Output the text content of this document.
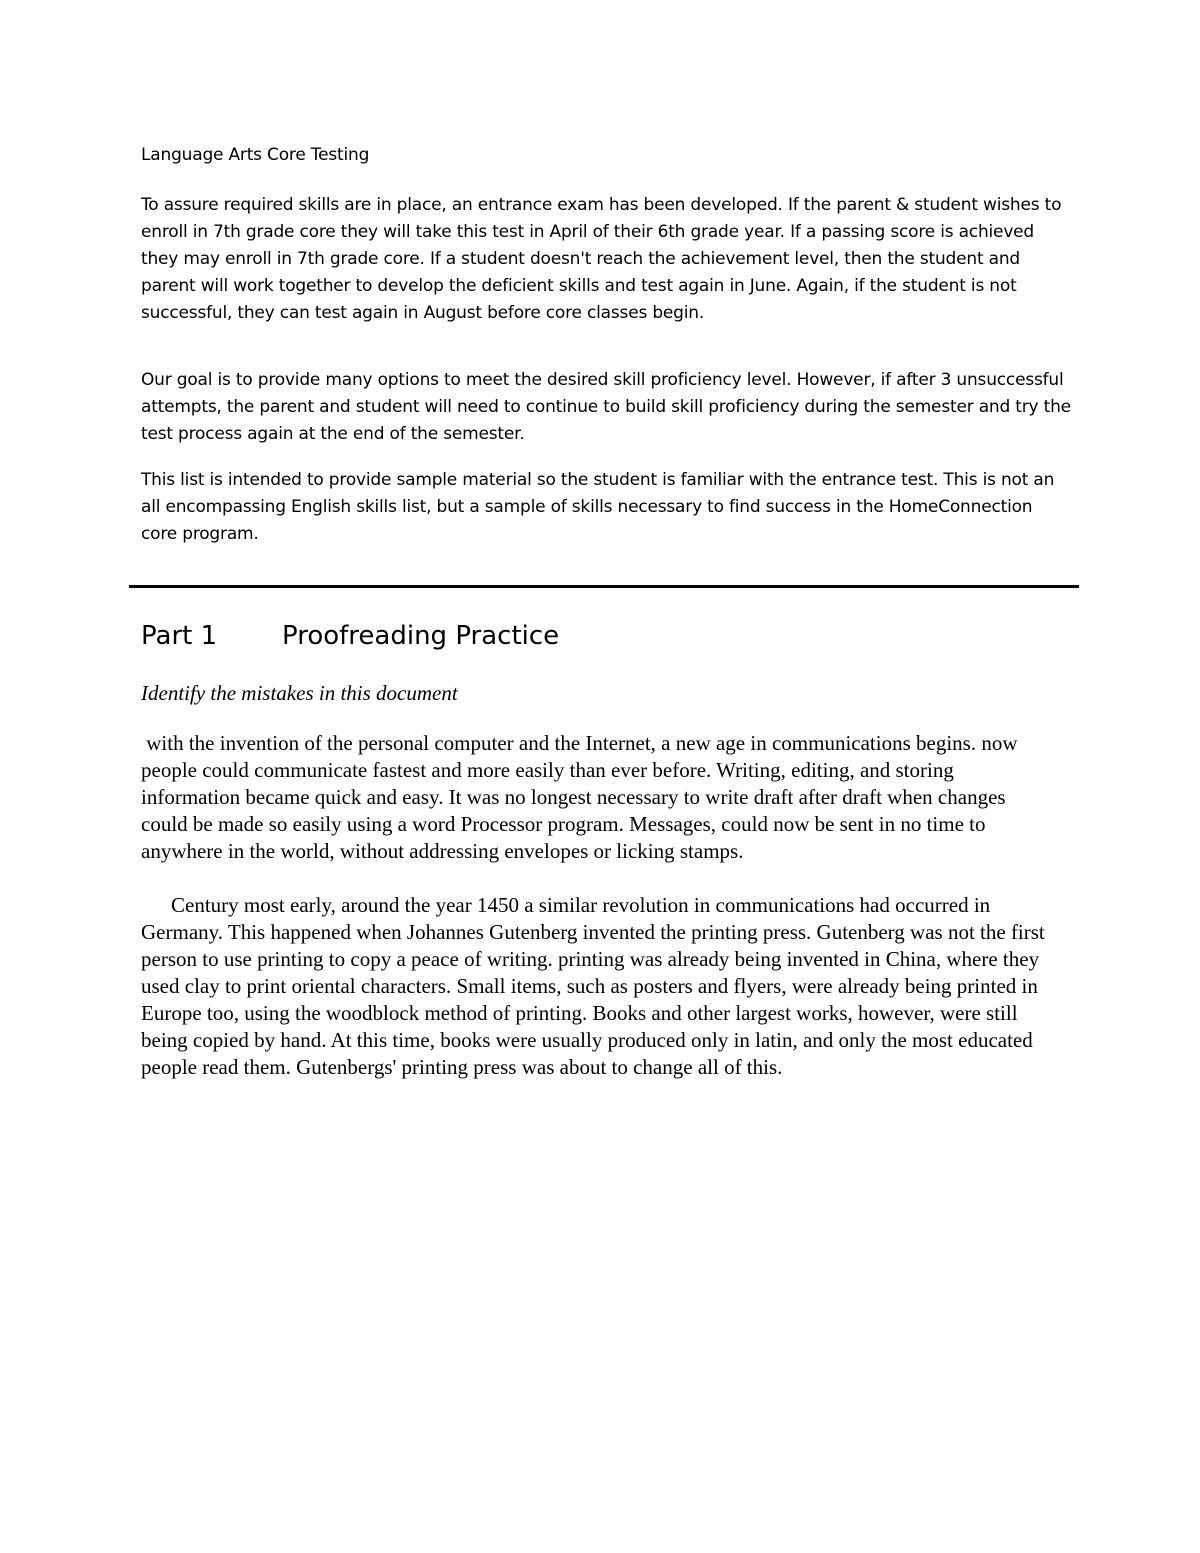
Language Arts Core Testing

To assure required skills are in place, an entrance exam has been developed. If the parent & student wishes to enroll in 7th grade core they will take this test in April of their 6th grade year. If a passing score is achieved they may enroll in 7th grade core. If a student doesn't reach the achievement level, then the student and parent will work together to develop the deficient skills and test again in June. Again, if the student is not successful, they can test again in August before core classes begin.

Our goal is to provide many options to meet the desired skill proficiency level. However, if after 3 unsuccessful attempts, the parent and student will need to continue to build skill proficiency during the semester and try the test process again at the end of the semester.

This list is intended to provide sample material so the student is familiar with the entrance test. This is not an all encompassing English skills list, but a sample of skills necessary to find success in the HomeConnection core program.

Part 1 Proofreading Practice

Identify the mistakes in this document

with the invention of the personal computer and the Internet, a new age in communications begins. now people could communicate fastest and more easily than ever before. Writing, editing, and storing information became quick and easy. It was no longest necessary to write draft after draft when changes could be made so easily using a word Processor program. Messages, could now be sent in no time to anywhere in the world, without addressing envelopes or licking stamps.

Century most early, around the year 1450 a similar revolution in communications had occurred in Germany. This happened when Johannes Gutenberg invented the printing press. Gutenberg was not the first person to use printing to copy a peace of writing. printing was already being invented in China, where they used clay to print oriental characters. Small items, such as posters and flyers, were already being printed in Europe too, using the woodblock method of printing. Books and other largest works, however, were still being copied by hand. At this time, books were usually produced only in latin, and only the most educated people read them. Gutenbergs' printing press was about to change all of this.
